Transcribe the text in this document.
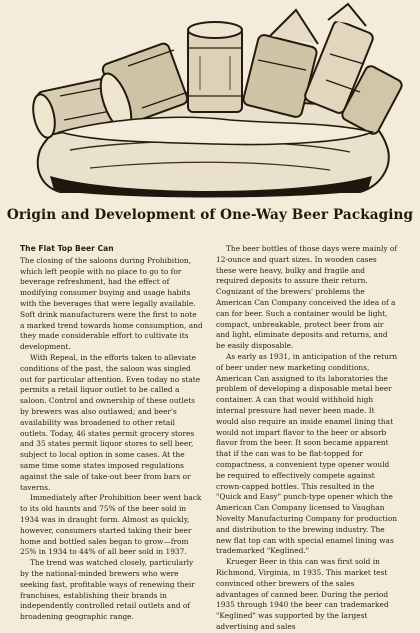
Origin and Development of One-Way Beer Packaging
The Flat Top Beer Can

The closing of the saloons during Prohibition, which left people with no place to go to for beverage refreshment, had the effect of modifying consumer buying and usage habits with the beverages that were legally available. Soft drink manufacturers were the first to note a marked trend towards home consumption, and they made considerable effort to cultivate its development.

With Repeal, in the efforts taken to alleviate conditions of the past, the saloon was singled out for particular attention. Even today no state permits a retail liquor outlet to be called a saloon. Control and ownership of these outlets by brewers was also outlawed; and beer's availability was broadened to other retail outlets. Today, 46 states permit grocery stores and 35 states permit liquor stores to sell beer, subject to local option in some cases. At the same time some states imposed regulations against the sale of take-out beer from bars or taverns.

Immediately after Prohibition beer went back to its old haunts and 75% of the beer sold in 1934 was in draught form. Almost as quickly, however, consumers started taking their beer home and bottled sales began to grow—from 25% in 1934 to 44% of all beer sold in 1937.

The trend was watched closely, particularly by the national-minded brewers who were seeking fast, profitable ways of renewing their franchises, establishing their brands in independently controlled retail outlets and of broadening geographic range.

The beer bottles of those days were mainly of 12-ounce and quart sizes. In wooden cases these were heavy, bulky and fragile and required deposits to assure their return. Cognizant of the brewers' problems the American Can Company conceived the idea of a can for beer. Such a container would be light, compact, unbreakable, protect beer from air and light, eliminate deposits and returns, and be easily disposable.

As early as 1931, in anticipation of the return of beer under new marketing conditions, American Can assigned to its laboratories the problem of developing a disposable metal beer container. A can that would withhold high internal pressure had never been made. It would also require an inside enamel lining that would not impart flavor to the beer or absorb flavor from the beer. It soon became apparent that if the can was to be flat-topped for compactness, a convenient type opener would be required to effectively compete against crown-capped bottles. This resulted in the "Quick and Easy" punch-type opener which the American Can Company licensed to Vaughan Novelty Manufacturing Company for production and distribution to the brewing industry. The new flat top can with special enamel lining was trademarked "Keglined."

Krueger Beer in this can was first sold in Richmond, Virginia, in 1935. This market test convinced other brewers of the sales advantages of canned beer. During the period 1935 through 1940 the beer can trademarked "Keglined" was supported by the largest advertising and sales
